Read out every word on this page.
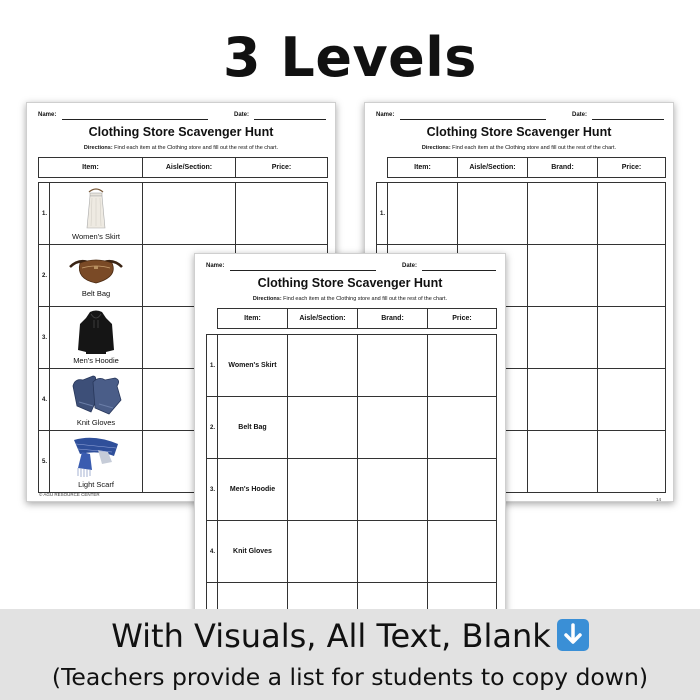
3 Levels
Name:	Date:
Clothing Store Scavenger Hunt
Directions: Find each item at the Clothing store and fill out the rest of the chart.
Item:	Aisle/Section:	Price:
1.	Women's Skirt		
2.	Belt Bag		
3.	Men's Hoodie		
4.	Knit Gloves		
5.	Light Scarf		
© AGU RESOURCE CENTER
Name:	Date:
Clothing Store Scavenger Hunt
Directions: Find each item at the Clothing store and fill out the rest of the chart.
Item:	Aisle/Section:	Brand:	Price:
1.				

14
Name:	Date:
Clothing Store Scavenger Hunt
Directions: Find each item at the Clothing store and fill out the rest of the chart.
Item:	Aisle/Section:	Brand:	Price:
1.	Women's Skirt			
2.	Belt Bag			
3.	Men's Hoodie			
4.	Knit Gloves			

With Visuals, All Text, Blank
(Teachers provide a list for students to copy down)
